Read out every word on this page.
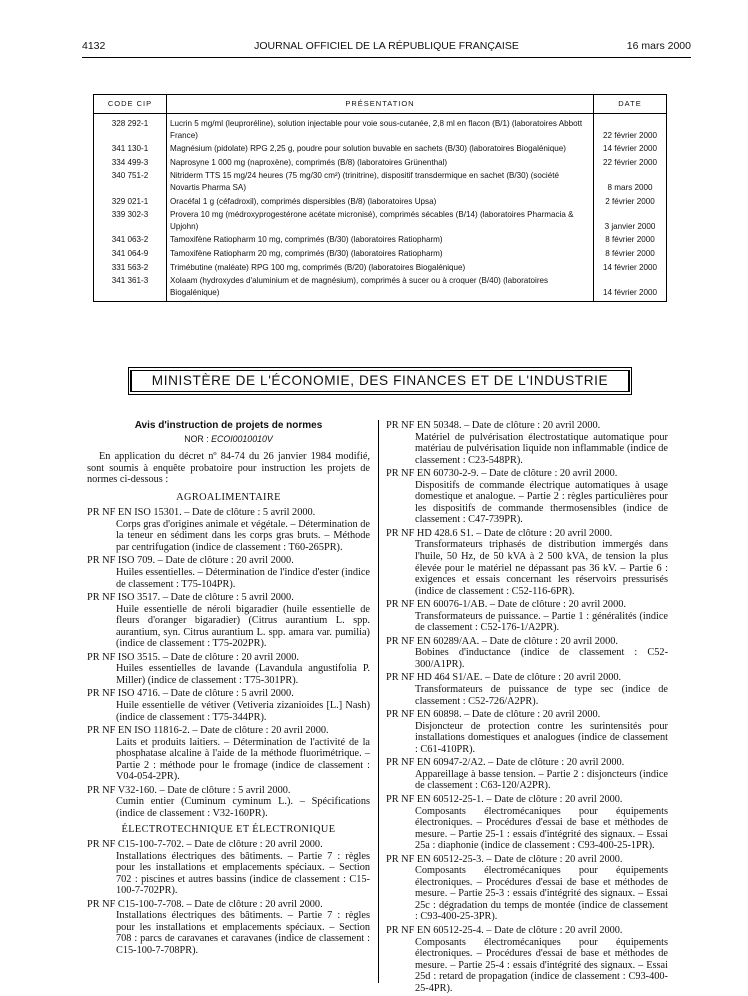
4132	JOURNAL OFFICIEL DE LA RÉPUBLIQUE FRANÇAISE	16 mars 2000
CODE CIP	PRÉSENTATION	DATE
328 292-1	Lucrin 5 mg/ml (leuproréline), solution injectable pour voie sous-cutanée, 2,8 ml en flacon (B/1) (laboratoires Abbott France)	22 février 2000
341 130-1	Magnésium (pidolate) RPG 2,25 g, poudre pour solution buvable en sachets (B/30) (laboratoires Biogalénique)	14 février 2000
334 499-3	Naprosyne 1 000 mg (naproxène), comprimés (B/8) (laboratoires Grünenthal)	22 février 2000
340 751-2	Nitriderm TTS 15 mg/24 heures (75 mg/30 cm²) (trinitrine), dispositif transdermique en sachet (B/30) (société Novartis Pharma SA)	8 mars 2000
329 021-1	Oracéfal 1 g (céfadroxil), comprimés dispersibles (B/8) (laboratoires Upsa)	2 février 2000
339 302-3	Provera 10 mg (médroxyprogestérone acétate micronisé), comprimés sécables (B/14) (laboratoires Pharmacia & Upjohn)	3 janvier 2000
341 063-2	Tamoxifène Ratiopharm 10 mg, comprimés (B/30) (laboratoires Ratiopharm)	8 février 2000
341 064-9	Tamoxifène Ratiopharm 20 mg, comprimés (B/30) (laboratoires Ratiopharm)	8 février 2000
331 563-2	Trimébutine (maléate) RPG 100 mg, comprimés (B/20) (laboratoires Biogalénique)	14 février 2000
341 361-3	Xolaam (hydroxydes d'aluminium et de magnésium), comprimés à sucer ou à croquer (B/40) (laboratoires Biogalénique)	14 février 2000
MINISTÈRE DE L'ÉCONOMIE, DES FINANCES ET DE L'INDUSTRIE

Avis d'instruction de projets de normes

NOR : ECOI0010010V

En application du décret nº 84-74 du 26 janvier 1984 modifié, sont soumis à enquête probatoire pour instruction les projets de normes ci-dessous :

AGROALIMENTAIRE

PR NF EN ISO 15301. – Date de clôture : 5 avril 2000.
Corps gras d'origines animale et végétale. – Détermination de la teneur en sédiment dans les corps gras bruts. – Méthode par centrifugation (indice de classement : T60-265PR).
PR NF ISO 709. – Date de clôture : 20 avril 2000.
Huiles essentielles. – Détermination de l'indice d'ester (indice de classement : T75-104PR).
PR NF ISO 3517. – Date de clôture : 5 avril 2000.
Huile essentielle de néroli bigaradier (huile essentielle de fleurs d'oranger bigaradier) (Citrus aurantium L. spp. aurantium, syn. Citrus aurantium L. spp. amara var. pumilia) (indice de classement : T75-202PR).
PR NF ISO 3515. – Date de clôture : 20 avril 2000.
Huiles essentielles de lavande (Lavandula angustifolia P. Miller) (indice de classement : T75-301PR).
PR NF ISO 4716. – Date de clôture : 5 avril 2000.
Huile essentielle de vétiver (Vetiveria zizanioides [L.] Nash) (indice de classement : T75-344PR).
PR NF EN ISO 11816-2. – Date de clôture : 20 avril 2000.
Laits et produits laitiers. – Détermination de l'activité de la phosphatase alcaline à l'aide de la méthode fluorimétrique. – Partie 2 : méthode pour le fromage (indice de classement : V04-054-2PR).
PR NF V32-160. – Date de clôture : 5 avril 2000.
Cumin entier (Cuminum cyminum L.). – Spécifications (indice de classement : V32-160PR).

ÉLECTROTECHNIQUE ET ÉLECTRONIQUE

PR NF C15-100-7-702. – Date de clôture : 20 avril 2000.
Installations électriques des bâtiments. – Partie 7 : règles pour les installations et emplacements spéciaux. – Section 702 : piscines et autres bassins (indice de classement : C15-100-7-702PR).
PR NF C15-100-7-708. – Date de clôture : 20 avril 2000.
Installations électriques des bâtiments. – Partie 7 : règles pour les installations et emplacements spéciaux. – Section 708 : parcs de caravanes et caravanes (indice de classement : C15-100-7-708PR).
PR NF EN 50348. – Date de clôture : 20 avril 2000.
Matériel de pulvérisation électrostatique automatique pour matériau de pulvérisation liquide non inflammable (indice de classement : C23-548PR).
PR NF EN 60730-2-9. – Date de clôture : 20 avril 2000.
Dispositifs de commande électrique automatiques à usage domestique et analogue. – Partie 2 : règles particulières pour les dispositifs de commande thermosensibles (indice de classement : C47-739PR).
PR NF HD 428.6 S1. – Date de clôture : 20 avril 2000.
Transformateurs triphasés de distribution immergés dans l'huile, 50 Hz, de 50 kVA à 2 500 kVA, de tension la plus élevée pour le matériel ne dépassant pas 36 kV. – Partie 6 : exigences et essais concernant les réservoirs pressurisés (indice de classement : C52-116-6PR).
PR NF EN 60076-1/AB. – Date de clôture : 20 avril 2000.
Transformateurs de puissance. – Partie 1 : généralités (indice de classement : C52-176-1/A2PR).
PR NF EN 60289/AA. – Date de clôture : 20 avril 2000.
Bobines d'inductance (indice de classement : C52-300/A1PR).
PR NF HD 464 S1/AE. – Date de clôture : 20 avril 2000.
Transformateurs de puissance de type sec (indice de classement : C52-726/A2PR).
PR NF EN 60898. – Date de clôture : 20 avril 2000.
Disjoncteur de protection contre les surintensités pour installations domestiques et analogues (indice de classement : C61-410PR).
PR NF EN 60947-2/A2. – Date de clôture : 20 avril 2000.
Appareillage à basse tension. – Partie 2 : disjoncteurs (indice de classement : C63-120/A2PR).
PR NF EN 60512-25-1. – Date de clôture : 20 avril 2000.
Composants électromécaniques pour équipements électroniques. – Procédures d'essai de base et méthodes de mesure. – Partie 25-1 : essais d'intégrité des signaux. – Essai 25a : diaphonie (indice de classement : C93-400-25-1PR).
PR NF EN 60512-25-3. – Date de clôture : 20 avril 2000.
Composants électromécaniques pour équipements électroniques. – Procédures d'essai de base et méthodes de mesure. – Partie 25-3 : essais d'intégrité des signaux. – Essai 25c : dégradation du temps de montée (indice de classement : C93-400-25-3PR).
PR NF EN 60512-25-4. – Date de clôture : 20 avril 2000.
Composants électromécaniques pour équipements électroniques. – Procédures d'essai de base et méthodes de mesure. – Partie 25-4 : essais d'intégrité des signaux. – Essai 25d : retard de propagation (indice de classement : C93-400-25-4PR).
